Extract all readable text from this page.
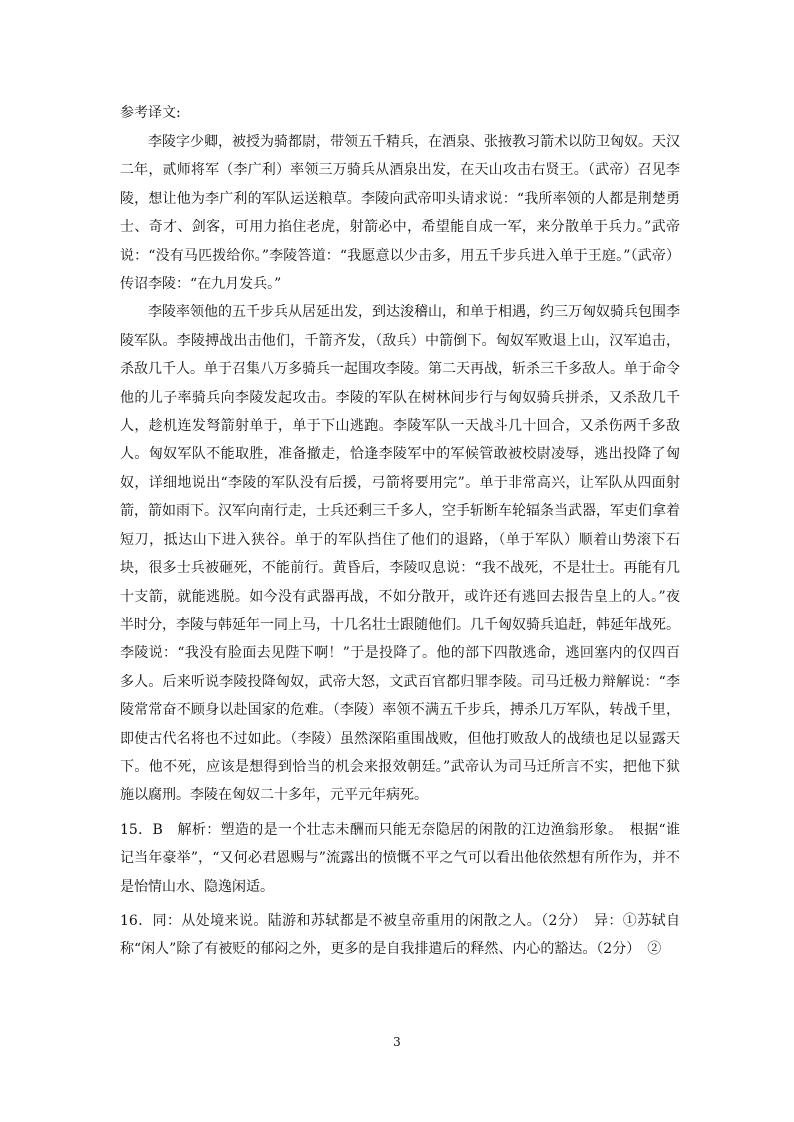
参考译文:

李陵字少卿，被授为骑都尉，带领五千精兵，在酒泉、张掖教习箭术以防卫匈奴。天汉二年，贰师将军（李广利）率领三万骑兵从酒泉出发，在天山攻击右贤王。（武帝）召见李陵，想让他为李广利的军队运送粮草。李陵向武帝叩头请求说：“我所率领的人都是荆楚勇士、奇才、剑客，可用力掐住老虎，射箭必中，希望能自成一军，来分散单于兵力。”武帝说：“没有马匹拨给你。”李陵答道：“我愿意以少击多，用五千步兵进入单于王庭。”（武帝）传诏李陵：“在九月发兵。”

李陵率领他的五千步兵从居延出发，到达浚稽山，和单于相遇，约三万匈奴骑兵包围李陵军队。李陵搏战出击他们，千箭齐发，（敌兵）中箭倒下。匈奴军败退上山，汉军追击，杀敌几千人。单于召集八万多骑兵一起围攻李陵。第二天再战，斩杀三千多敌人。单于命令他的儿子率骑兵向李陵发起攻击。李陵的军队在树林间步行与匈奴骑兵拼杀，又杀敌几千人，趁机连发弩箭射单于，单于下山逃跑。李陵军队一天战斗几十回合，又杀伤两千多敌人。匈奴军队不能取胜，准备撤走，恰逢李陵军中的军候管敢被校尉凌辱，逃出投降了匈奴，详细地说出“李陵的军队没有后援，弓箭将要用完”。单于非常高兴，让军队从四面射箭，箭如雨下。汉军向南行走，士兵还剩三千多人，空手斩断车轮辐条当武器，军吏们拿着短刀，抵达山下进入狭谷。单于的军队挡住了他们的退路，（单于军队）顺着山势滚下石块，很多士兵被砸死，不能前行。黄昏后，李陵叹息说：“我不战死，不是壮士。再能有几十支箭，就能逃脱。如今没有武器再战，不如分散开，或许还有逃回去报告皇上的人。”夜半时分，李陵与韩延年一同上马，十几名壮士跟随他们。几千匈奴骑兵追赶，韩延年战死。李陵说：“我没有脸面去见陛下啊！”于是投降了。他的部下四散逃命，逃回塞内的仅四百多人。后来听说李陵投降匈奴，武帝大怒，文武百官都归罪李陵。司马迁极力辩解说：“李陵常常奋不顾身以赴国家的危难。（李陵）率领不满五千步兵，搏杀几万军队，转战千里，即使古代名将也不过如此。（李陵）虽然深陷重围战败，但他打败敌人的战绩也足以显露天下。他不死，应该是想得到恰当的机会来报效朝廷。”武帝认为司马迁所言不实，把他下狱施以腐刑。李陵在匈奴二十多年，元平元年病死。

15．B　解析：塑造的是一个壮志未酬而只能无奈隐居的闲散的江边渔翁形象。　根据“谁记当年豪举”，“又何必君恩赐与”流露出的愤慨不平之气可以看出他依然想有所作为，并不是怡情山水、隐逸闲适。

16．同：从处境来说。陆游和苏轼都是不被皇帝重用的闲散之人。（2分）　异：①苏轼自称“闲人”除了有被贬的郁闷之外，更多的是自我排遣后的释然、内心的豁达。（2分）　②

3
